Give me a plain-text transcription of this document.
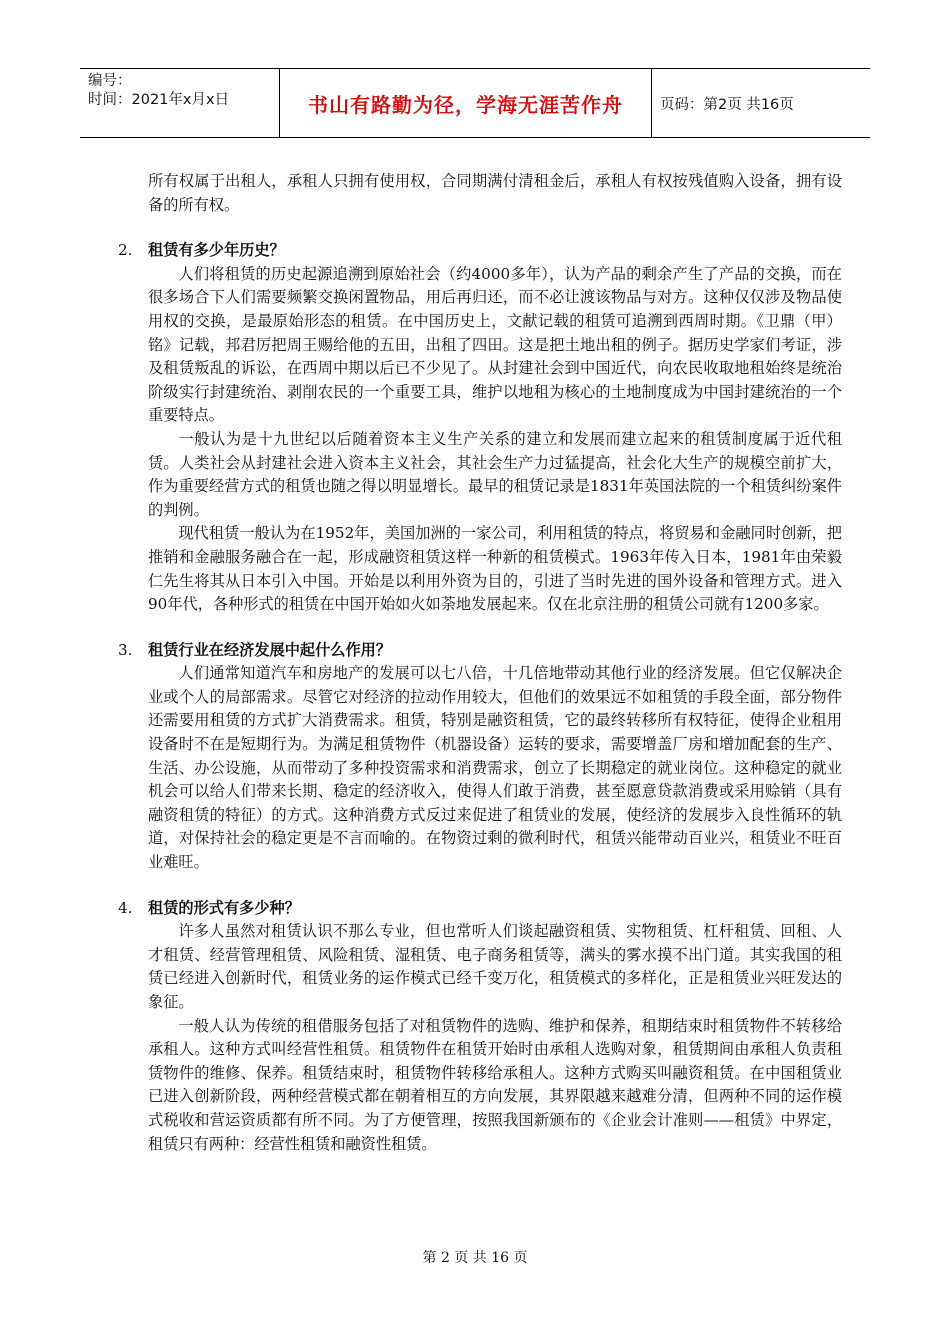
编号：
时间：2021年x月x日	书山有路勤为径，学海无涯苦作舟	页码：第2页 共16页

所有权属于出租人，承租人只拥有使用权，合同期满付清租金后，承租人有权按残值购入设备，拥有设备的所有权。

2.	租赁有多少年历史？

人们将租赁的历史起源追溯到原始社会（约4000多年），认为产品的剩余产生了产品的交换，而在很多场合下人们需要频繁交换闲置物品，用后再归还，而不必让渡该物品与对方。这种仅仅涉及物品使用权的交换，是最原始形态的租赁。在中国历史上，文献记载的租赁可追溯到西周时期。《卫鼎（甲）铭》记载，邦君厉把周王赐给他的五田，出租了四田。这是把土地出租的例子。据历史学家们考证，涉及租赁叛乱的诉讼，在西周中期以后已不少见了。从封建社会到中国近代，向农民收取地租始终是统治阶级实行封建统治、剥削农民的一个重要工具，维护以地租为核心的土地制度成为中国封建统治的一个重要特点。

一般认为是十九世纪以后随着资本主义生产关系的建立和发展而建立起来的租赁制度属于近代租赁。人类社会从封建社会进入资本主义社会，其社会生产力过猛提高，社会化大生产的规模空前扩大，作为重要经营方式的租赁也随之得以明显增长。最早的租赁记录是1831年英国法院的一个租赁纠纷案件的判例。

现代租赁一般认为在1952年，美国加洲的一家公司，利用租赁的特点，将贸易和金融同时创新，把推销和金融服务融合在一起，形成融资租赁这样一种新的租赁模式。1963年传入日本，1981年由荣毅仁先生将其从日本引入中国。开始是以利用外资为目的，引进了当时先进的国外设备和管理方式。进入90年代，各种形式的租赁在中国开始如火如荼地发展起来。仅在北京注册的租赁公司就有1200多家。

3.	租赁行业在经济发展中起什么作用？

人们通常知道汽车和房地产的发展可以七八倍，十几倍地带动其他行业的经济发展。但它仅解决企业或个人的局部需求。尽管它对经济的拉动作用较大，但他们的效果远不如租赁的手段全面，部分物件还需要用租赁的方式扩大消费需求。租赁，特别是融资租赁，它的最终转移所有权特征，使得企业租用设备时不在是短期行为。为满足租赁物件（机器设备）运转的要求，需要增盖厂房和增加配套的生产、生活、办公设施，从而带动了多种投资需求和消费需求，创立了长期稳定的就业岗位。这种稳定的就业机会可以给人们带来长期、稳定的经济收入，使得人们敢于消费，甚至愿意贷款消费或采用赊销（具有融资租赁的特征）的方式。这种消费方式反过来促进了租赁业的发展，使经济的发展步入良性循环的轨道，对保持社会的稳定更是不言而喻的。在物资过剩的微利时代，租赁兴能带动百业兴，租赁业不旺百业难旺。

4.	租赁的形式有多少种？

许多人虽然对租赁认识不那么专业，但也常听人们谈起融资租赁、实物租赁、杠杆租赁、回租、人才租赁、经营管理租赁、风险租赁、湿租赁、电子商务租赁等，满头的雾水摸不出门道。其实我国的租赁已经进入创新时代，租赁业务的运作模式已经千变万化，租赁模式的多样化，正是租赁业兴旺发达的象征。

一般人认为传统的租借服务包括了对租赁物件的选购、维护和保养，租期结束时租赁物件不转移给承租人。这种方式叫经营性租赁。租赁物件在租赁开始时由承租人选购对象，租赁期间由承租人负责租赁物件的维修、保养。租赁结束时，租赁物件转移给承租人。这种方式购买叫融资租赁。在中国租赁业已进入创新阶段，两种经营模式都在朝着相互的方向发展，其界限越来越难分清，但两种不同的运作模式税收和营运资质都有所不同。为了方便管理，按照我国新颁布的《企业会计准则——租赁》中界定，租赁只有两种：经营性租赁和融资性租赁。

第 2 页 共 16 页
